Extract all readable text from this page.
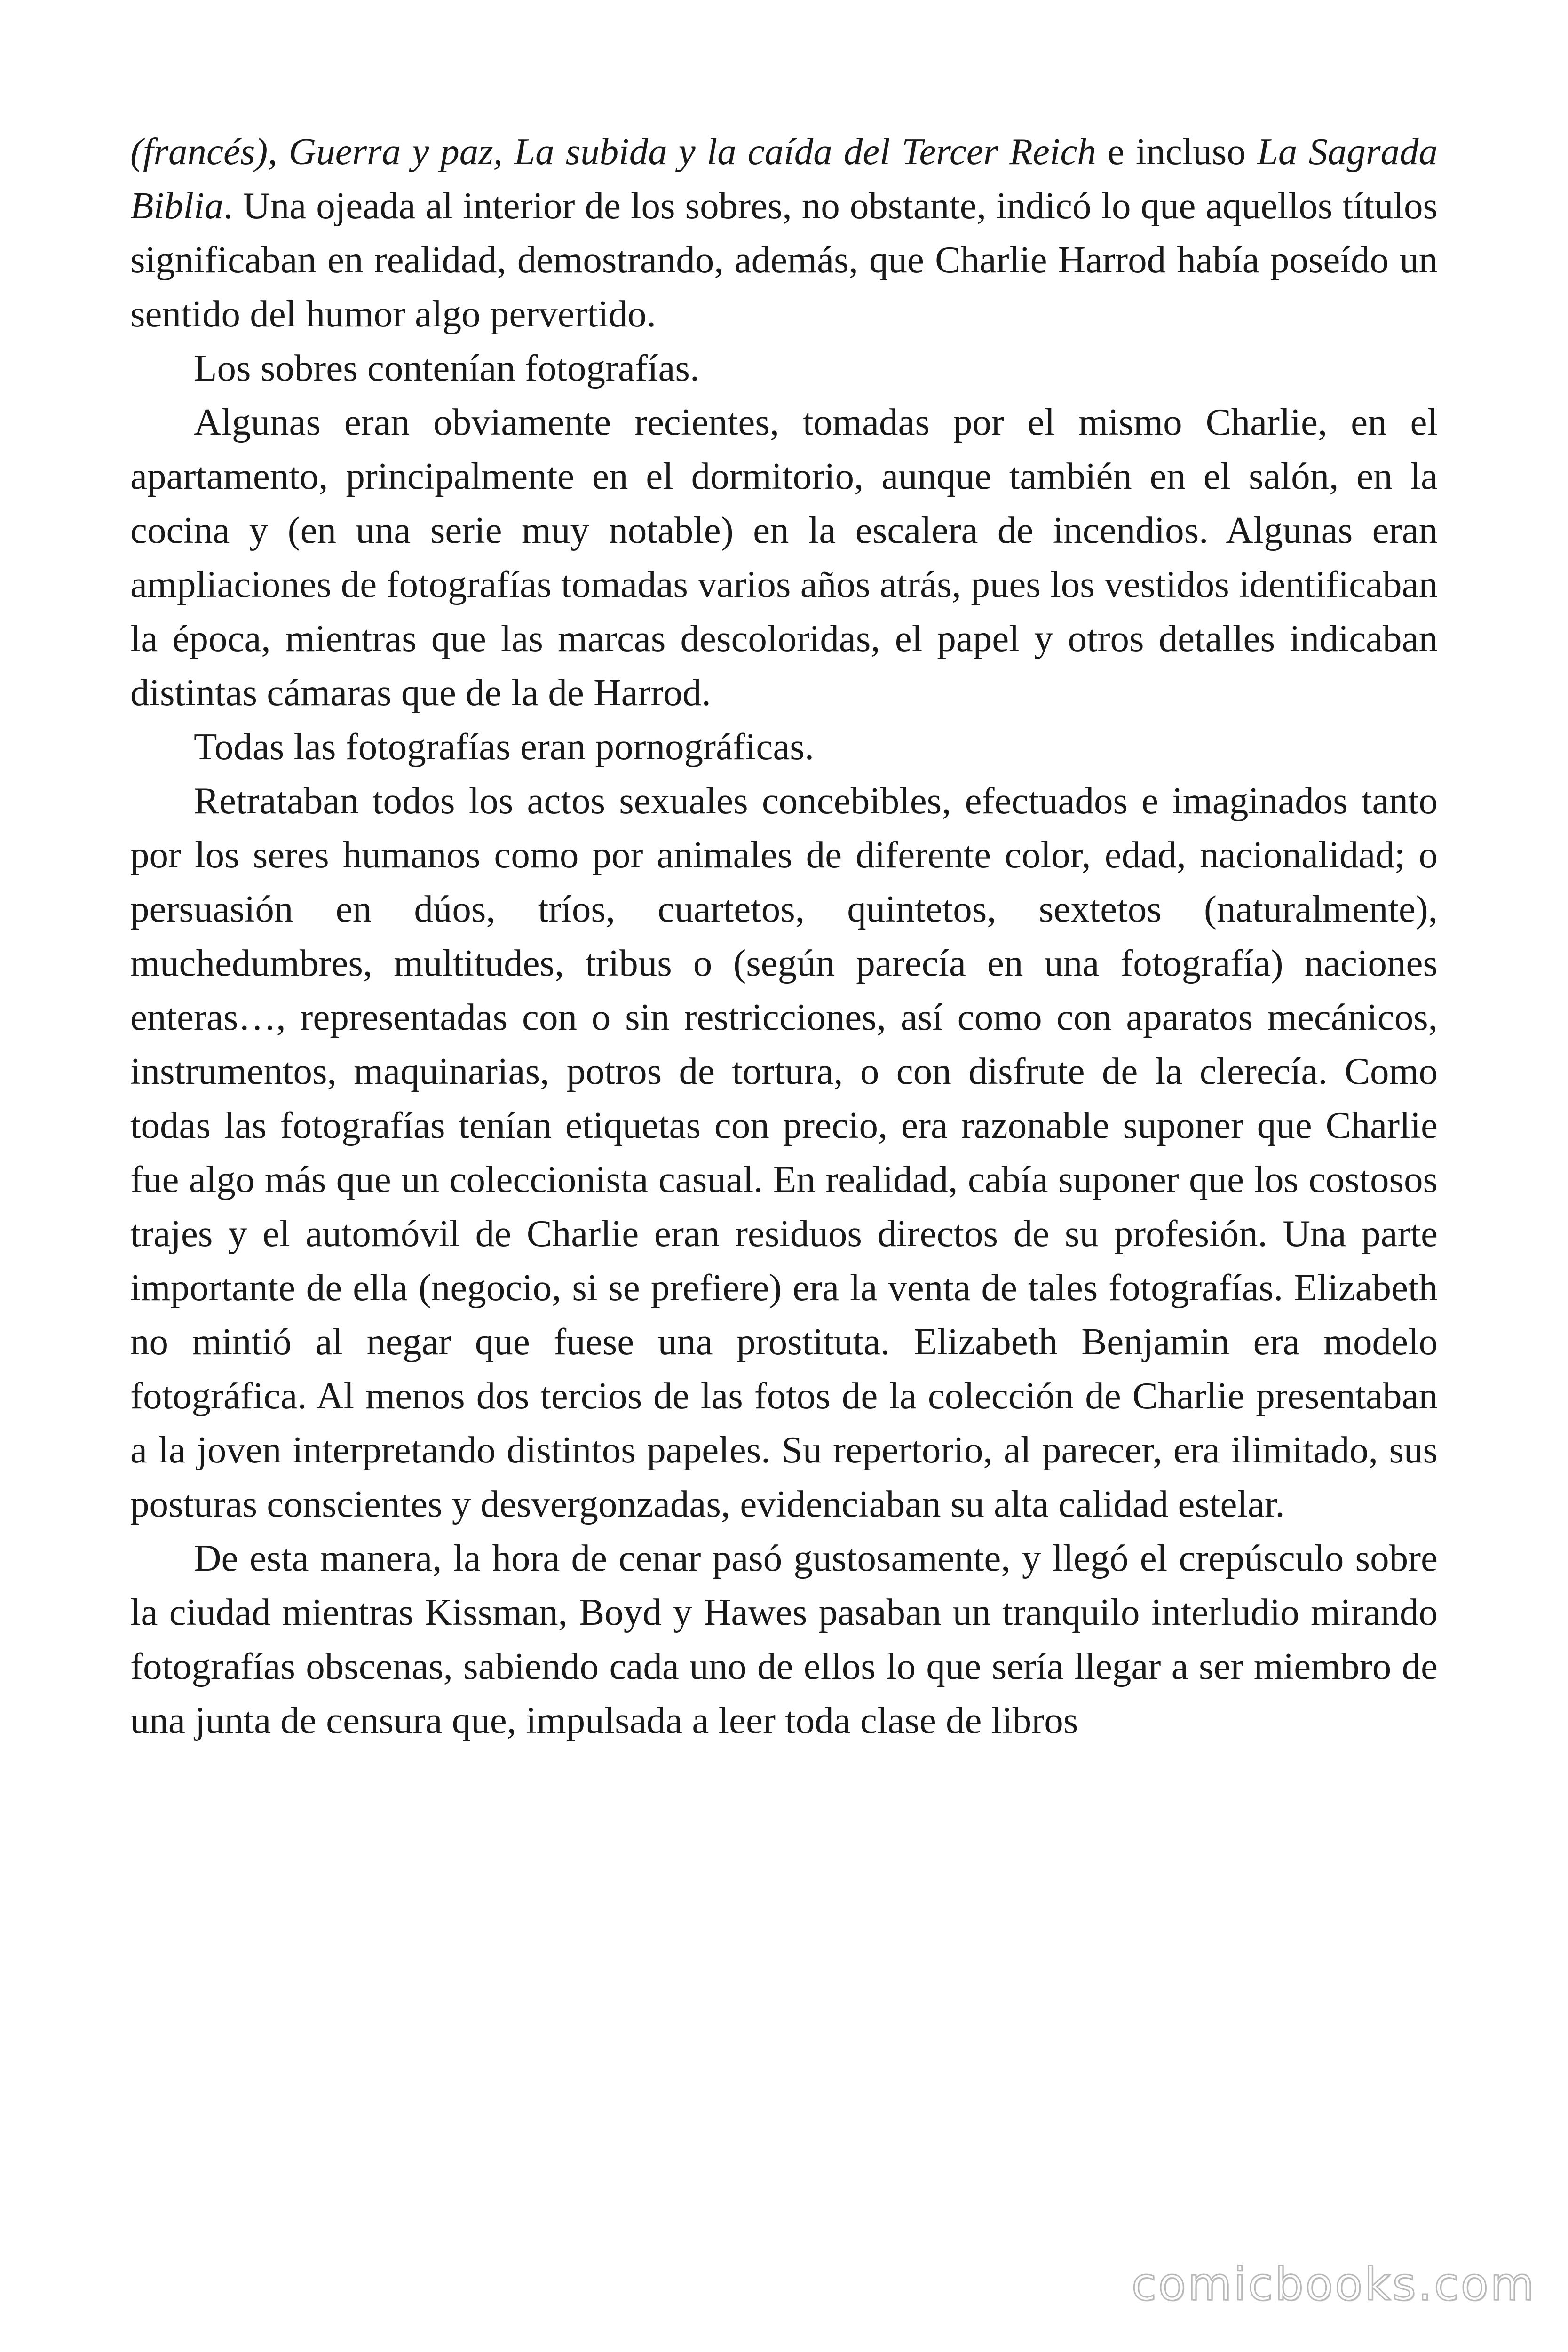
(francés), Guerra y paz, La subida y la caída del Tercer Reich e incluso La Sagrada Biblia. Una ojeada al interior de los sobres, no obstante, indicó lo que aquellos títulos significaban en realidad, demostrando, además, que Charlie Harrod había poseído un sentido del humor algo pervertido.

Los sobres contenían fotografías.

Algunas eran obviamente recientes, tomadas por el mismo Charlie, en el apartamento, principalmente en el dormitorio, aunque también en el salón, en la cocina y (en una serie muy notable) en la escalera de incendios. Algunas eran ampliaciones de fotografías tomadas varios años atrás, pues los vestidos identificaban la época, mientras que las marcas descoloridas, el papel y otros detalles indicaban distintas cámaras que de la de Harrod.

Todas las fotografías eran pornográficas.

Retrataban todos los actos sexuales concebibles, efectuados e imaginados tanto por los seres humanos como por animales de diferente color, edad, nacionalidad; o persuasión en dúos, tríos, cuartetos, quintetos, sextetos (naturalmente), muchedumbres, multitudes, tribus o (según parecía en una fotografía) naciones enteras…, representadas con o sin restricciones, así como con aparatos mecánicos, instrumentos, maquinarias, potros de tortura, o con disfrute de la clerecía. Como todas las fotografías tenían etiquetas con precio, era razonable suponer que Charlie fue algo más que un coleccionista casual. En realidad, cabía suponer que los costosos trajes y el automóvil de Charlie eran residuos directos de su profesión. Una parte importante de ella (negocio, si se prefiere) era la venta de tales fotografías. Elizabeth no mintió al negar que fuese una prostituta. Elizabeth Benjamin era modelo fotográfica. Al menos dos tercios de las fotos de la colección de Charlie presentaban a la joven interpretando distintos papeles. Su repertorio, al parecer, era ilimitado, sus posturas conscientes y desvergonzadas, evidenciaban su alta calidad estelar.

De esta manera, la hora de cenar pasó gustosamente, y llegó el crepúsculo sobre la ciudad mientras Kissman, Boyd y Hawes pasaban un tranquilo interludio mirando fotografías obscenas, sabiendo cada uno de ellos lo que sería llegar a ser miembro de una junta de censura que, impulsada a leer toda clase de libros

comicbooks.com
